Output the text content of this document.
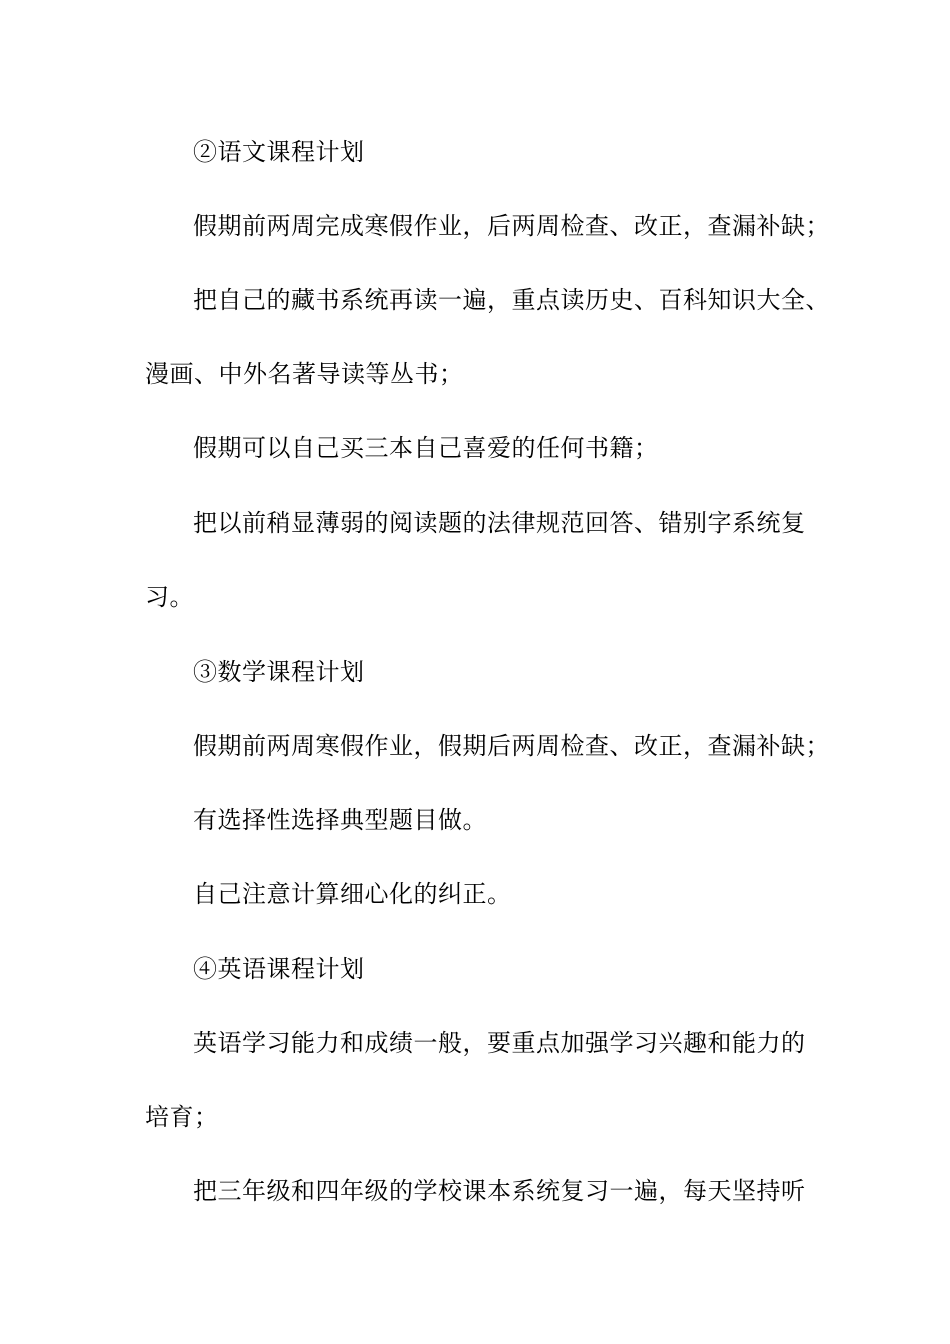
②语文课程计划
假期前两周完成寒假作业，后两周检查、改正，查漏补缺；
把自己的藏书系统再读一遍，重点读历史、百科知识大全、
漫画、中外名著导读等丛书；
假期可以自己买三本自己喜爱的任何书籍；
把以前稍显薄弱的阅读题的法律规范回答、错别字系统复
习。
③数学课程计划
假期前两周寒假作业，假期后两周检查、改正，查漏补缺；
有选择性选择典型题目做。
自己注意计算细心化的纠正。
④英语课程计划
英语学习能力和成绩一般，要重点加强学习兴趣和能力的
培育；
把三年级和四年级的学校课本系统复习一遍，每天坚持听
